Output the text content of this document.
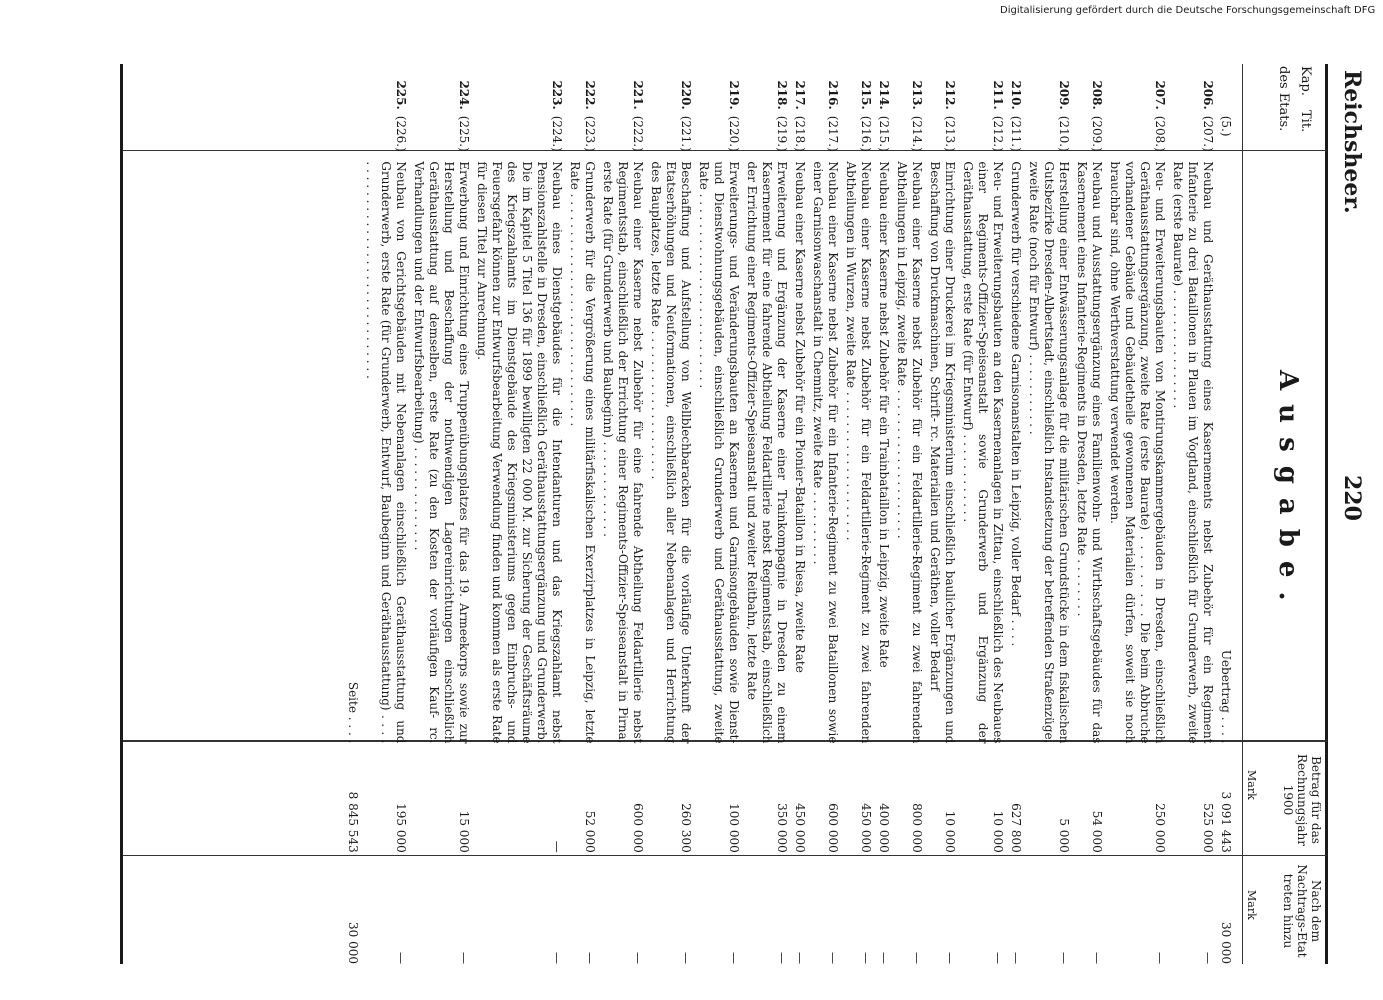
Reichsheer.
220
Kap.
Tit.
des Etats.
Ausgabe.
Betrag für das Rechnungsjahr 1900
Nach dem Nachtrags-Etat treten hinzu
Mark
Mark
(5.)
Uebertrag . . . .
3 091 443
30 000
206.
(207.)
Neubau und Geräthausstattung eines Kasernements nebst Zubehör für ein Regiment Infanterie zu drei Bataillonen in Plauen im Vogtland, einschließlich für Grunderwerb, zweite Rate (erste Baurate) . . . . . . . . . . . . . . . .
525 000
—
207.
(208.)
Neu- und Erweiterungsbauten von Montirungskammergebäuden in Dresden, einschließlich Geräthausstattungsergänzung, zweite Rate (erste Baurate) . . . . . . . . . Die beim Abbruche vorhandener Gebäude und Gebäudetheile gewonnenen Materialien dürfen, soweit sie noch brauchbar sind, ohne Werthverstattung verwendet werden.
250 000
—
208.
(209.)
Neubau und Ausstattungsergänzung eines Familienwohn- und Wirthschaftsgebäudes für das Kasernement eines Infanterie-Regiments in Dresden, letzte Rate . . . . . . . .
54 000
—
209.
(210.)
Herstellung einer Entwässerungsanlage für die militärischen Grundstücke in dem fiskalischen Gutsbezirke Dresden-Albertstadt, einschließlich Instandsetzung der betreffenden Straßenzüge, zweite Rate (noch für Entwurf) . . . . . . . . . . .
5 000
—
210.
(211.)
Grunderwerb für verschiedene Garnisonanstalten in Leipzig, voller Bedarf . . . .
627 800
—
211.
(212.)
Neu- und Erweiterungsbauten an den Kasernenanlagen in Zittau, einschließlich des Neubaues einer Regiments-Offizier-Speiseanstalt sowie Grunderwerb und Ergänzung der Geräthausstattung, erste Rate (für Entwurf) . . . . . . . . . . . .
10 000
—
212.
(213.)
Einrichtung einer Druckerei im Kriegsministerium einschließlich baulicher Ergänzungen und Beschaffung von Druckmaschinen, Schrift- rc. Materialien und Geräthen, voller Bedarf
10 000
—
213.
(214.)
Neubau einer Kaserne nebst Zubehör für ein Feldartillerie-Regiment zu zwei fahrenden Abtheilungen in Leipzig, zweite Rate . . . . . . . . . . . . . . . . . . . .
800 000
—
214.
(215.)
Neubau einer Kaserne nebst Zubehör für ein Trainbataillon in Leipzig, zweite Rate
400 000
—
215.
(216.)
Neubau einer Kaserne nebst Zubehör für ein Feldartillerie-Regiment zu zwei fahrenden Abtheilungen in Wurzen, zweite Rate . . . . . . . . . . . . . . . . . . . .
450 000
—
216.
(217.)
Neubau einer Kaserne nebst Zubehör für ein Infanterie-Regiment zu zwei Bataillonen sowie einer Garnisonwaschanstalt in Chemnitz, zweite Rate . . . . . . . . . .
600 000
—
217.
(218.)
Neubau einer Kaserne nebst Zubehör für ein Pionier-Bataillon in Riesa, zweite Rate
450 000
—
218.
(219.)
Erweiterung und Ergänzung der Kaserne einer Trainkompagnie in Dresden zu einem Kasernement für eine fahrende Abtheilung Feldartillerie nebst Regimentsstab, einschließlich der Errichtung einer Regiments-Offizier-Speiseanstalt und zweiter Reitbahn, letzte Rate
350 000
—
219.
(220.)
Erweiterungs- und Veränderungsbauten an Kasernen und Garnisongebäuden sowie Dienst- und Dienstwohnungsgebäuden, einschließlich Grunderwerb und Geräthausstattung, zweite Rate . . . . . . . . . . . . . . . . . . . . . . . . . .
100 000
—
220.
(221.)
Beschaffung und Aufstellung von Wellblechbaracken für die vorläufige Unterkunft der Etatserhöhungen und Neuformationen, einschließlich aller Nebenanlagen und Herrichtung des Bauplatzes, letzte Rate . . . . . . . . . . . . . . . . . . . .
260 300
—
221.
(222.)
Neubau einer Kaserne nebst Zubehör für eine fahrende Abtheilung Feldartillerie nebst Regimentsstab, einschließlich der Errichtung einer Regiments-Offizier-Speiseanstalt in Pirna, erste Rate (für Grunderwerb und Baubeginn) . . . . . . . . . . . . .
600 000
—
222.
(223.)
Grunderwerb für die Vergrößerung eines militärfiskalischen Exerzirplatzes in Leipzig, letzte Rate . . . . . . . . . . . . . . . . . . . . . . . . . . . . . . .
52 000
—
223.
(224.)
Neubau eines Dienstgebäudes für die Intendanturen und das Kriegszahlamt nebst Pensionszahlstelle in Dresden, einschließlich Geräthausstattungsergänzung und Grunderwerb. Die im Kapitel 5 Titel 136 für 1899 bewilligten 22 000 M. zur Sicherung der Geschäftsräume des Kriegszahlamts im Dienstgebäude des Kriegsministeriums gegen Einbruchs- und Feuersgefahr können zur Entwurfsbearbeitung Verwendung finden und kommen als erste Rate für diesen Titel zur Anrechnung.
—
—
224.
(225.)
Erwerbung und Einrichtung eines Truppenübungsplatzes für das 19. Armeekorps sowie zur Herstellung und Beschaffung der nothwendigen Lagereinrichtungen einschließlich Geräthausstattung auf demselben, erste Rate (zu den Kosten der vorläufigen Kauf- rc. Verhandlungen und der Entwurfsbearbeitung) . . . . . . . . . . . . . .
15 000
—
225.
(226.)
Neubau von Gerichtsgebäuden mit Nebenanlagen einschließlich Geräthausstattung und Grunderwerb, erste Rate (für Grunderwerb, Entwurf, Baubeginn und Geräthausstattung) . . . . . . . . . . . . . . . . . . . . . . . . . . . . . . . . .
195 000
—
Seite . . . .
8 845 543
30 000
Digitalisierung gefördert durch die Deutsche Forschungsgemeinschaft DFG
